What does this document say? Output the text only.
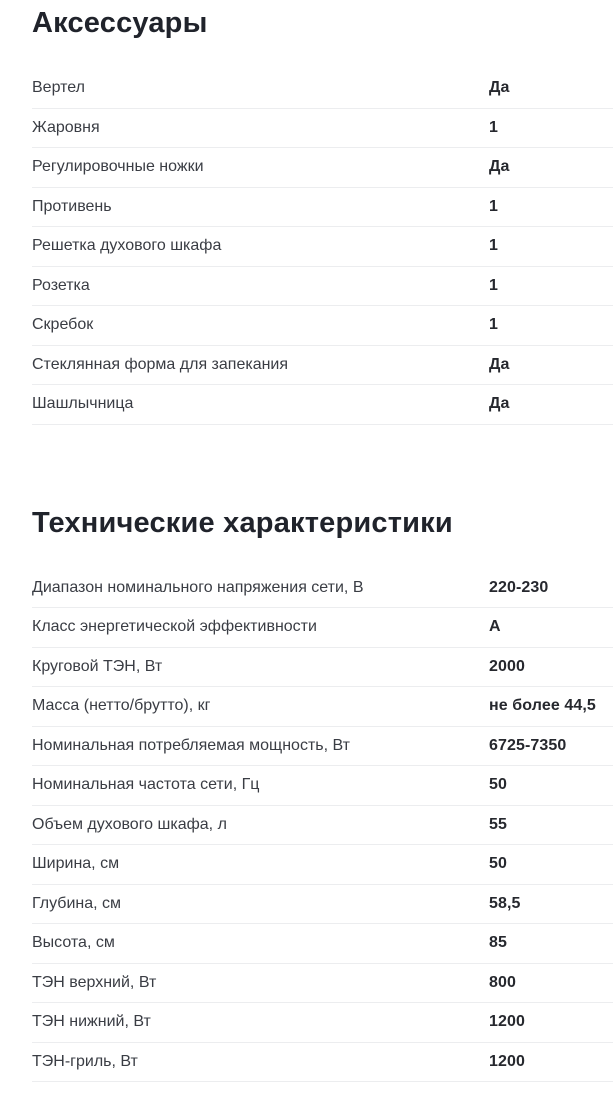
Аксессуары
Вертел	Да
Жаровня	1
Регулировочные ножки	Да
Противень	1
Решетка духового шкафа	1
Розетка	1
Скребок	1
Стеклянная форма для запекания	Да
Шашлычница	Да
Технические характеристики
Диапазон номинального напряжения сети, В	220-230
Класс энергетической эффективности	А
Круговой ТЭН, Вт	2000
Масса (нетто/брутто), кг	не более 44,5
Номинальная потребляемая мощность, Вт	6725-7350
Номинальная частота сети, Гц	50
Объем духового шкафа, л	55
Ширина, см	50
Глубина, см	58,5
Высота, см	85
ТЭН верхний, Вт	800
ТЭН нижний, Вт	1200
ТЭН-гриль, Вт	1200
